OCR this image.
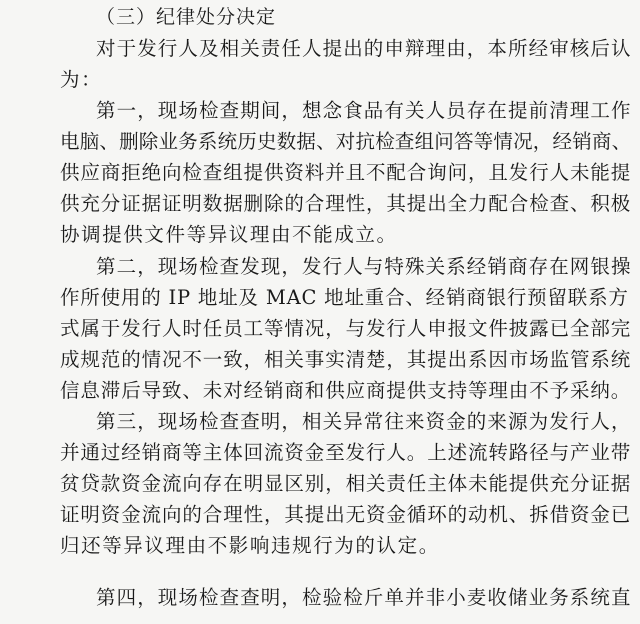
（三）纪律处分决定
对于发行人及相关责任人提出的申辩理由，本所经审核后认
为：
第一，现场检查期间，想念食品有关人员存在提前清理工作
电脑、删除业务系统历史数据、对抗检查组问答等情况，经销商、
供应商拒绝向检查组提供资料并且不配合询问，且发行人未能提
供充分证据证明数据删除的合理性，其提出全力配合检查、积极
协调提供文件等异议理由不能成立。
第二，现场检查发现，发行人与特殊关系经销商存在网银操
作所使用的 IP 地址及 MAC 地址重合、经销商银行预留联系方
式属于发行人时任员工等情况，与发行人申报文件披露已全部完
成规范的情况不一致，相关事实清楚，其提出系因市场监管系统
信息滞后导致、未对经销商和供应商提供支持等理由不予采纳。
第三，现场检查查明，相关异常往来资金的来源为发行人，
并通过经销商等主体回流资金至发行人。上述流转路径与产业带
贫贷款资金流向存在明显区别，相关责任主体未能提供充分证据
证明资金流向的合理性，其提出无资金循环的动机、拆借资金已
归还等异议理由不影响违规行为的认定。
第四，现场检查查明，检验检斤单并非小麦收储业务系统直
